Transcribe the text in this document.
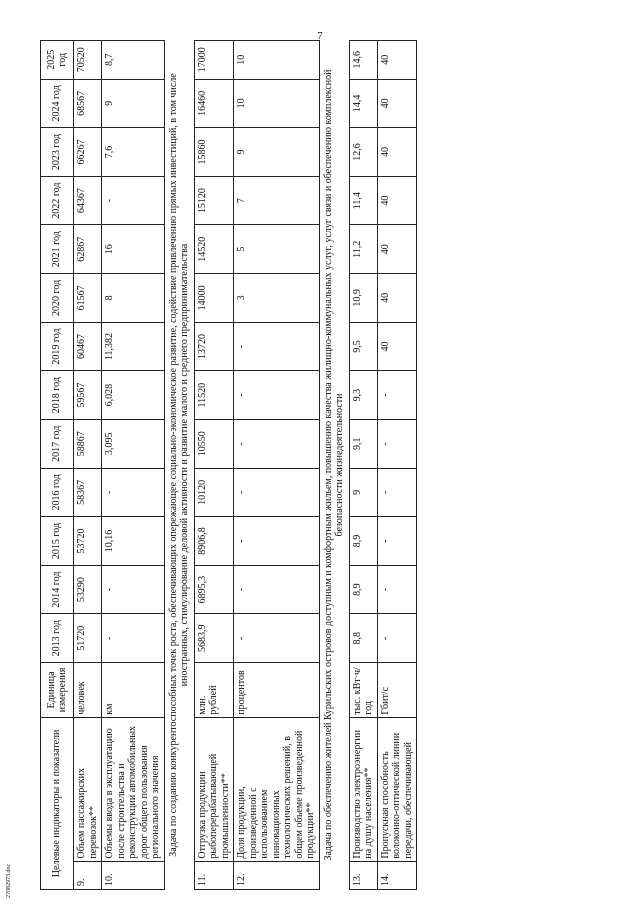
7
Целевые индикаторы и показатели		Единица измерения	2013 год	2014 год	2015 год	2016 год	2017 год	2018 год	2019 год	2020 год	2021 год	2022 год	2023 год	2024 год	2025 год
9.	Объем пассажирских перевозок**	человек	51720	53290	53720	58367	58867	59567	60467	61567	62867	64367	66267	68567	70520
10.	Объемы ввода в эксплуатацию после строительства и реконструкции автомобильных дорог общего пользования регионального значения	км	-	-	10,16	-	3,095	6,028	11,382	8	16	-	7,6	9	8,7
Задача по созданию конкурентоспособных точек роста, обеспечивающих опережающее социально-экономическое развитие, содействие привлечению прямых инвестиций, в том числе иностранных, стимулирование деловой активности и развитие малого и среднего предпринимательства															
11.	Отгрузка продукции рыбоперерабатывающей промышленности**	млн. рублей	5683,9	6895,3	8906,8	10120	10550	11520	13720	14000	14520	15120	15860	16460	17000
12.	Доля продукции, произведенной с использованием инновационных технологических решений, в общем объеме произведенной продукции**	процентов	-	-	-	-	-	-	-	3	5	7	9	10	10
Задача по обеспечению жителей Курильских островов доступным и комфортным жильем, повышению качества жилищно-коммунальных услуг, услуг связи и обеспечению комплексной безопасности жизнедеятельности															
13.	Производство электроэнергии на душу населения**	тыс. кВт·ч/год	8,8	8,9	8,9	9	9,1	9,3	9,5	10,9	11,2	11,4	12,6	14,4	14,6
14.	Пропускная способность волоконно-оптической линии передачи, обеспечивающей	Гбит/с	-	-	-	-	-	-	40	40	40	40	40	40	40
27082973.doc
